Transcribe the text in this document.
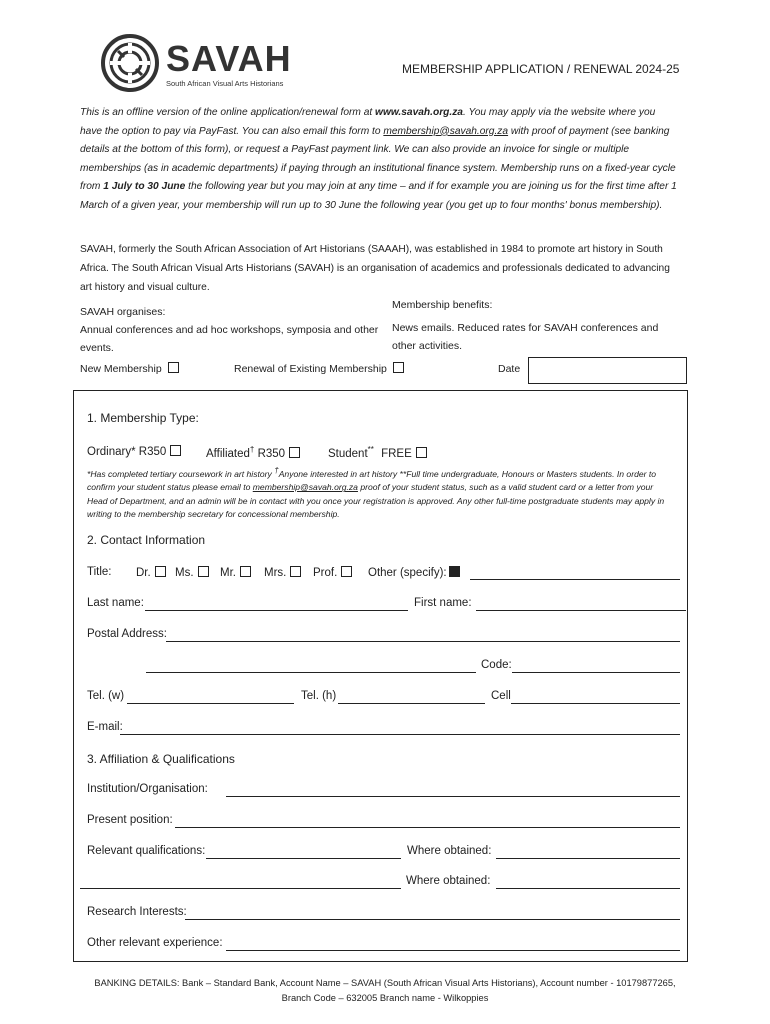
SAVAH
South African Visual Arts Historians
MEMBERSHIP APPLICATION / RENEWAL 2024-25
This is an offline version of the online application/renewal form at www.savah.org.za. You may apply via the website where you have the option to pay via PayFast. You can also email this form to membership@savah.org.za with proof of payment (see banking details at the bottom of this form), or request a PayFast payment link. We can also provide an invoice for single or multiple memberships (as in academic departments) if paying through an institutional finance system. Membership runs on a fixed-year cycle from 1 July to 30 June the following year but you may join at any time – and if for example you are joining us for the first time after 1 March of a given year, your membership will run up to 30 June the following year (you get up to four months' bonus membership).
SAVAH, formerly the South African Association of Art Historians (SAAAH), was established in 1984 to promote art history in South Africa. The South African Visual Arts Historians (SAVAH) is an organisation of academics and professionals dedicated to advancing art history and visual culture.
SAVAH organises:
Annual conferences and ad hoc workshops, symposia and other events.
Membership benefits:
News emails. Reduced rates for SAVAH conferences and other activities.
New Membership	Renewal of Existing Membership	Date
1. Membership Type:
Ordinary* R350	Affiliated† R350	Student** FREE
*Has completed tertiary coursework in art history †Anyone interested in art history **Full time undergraduate, Honours or Masters students. In order to confirm your student status please email to membership@savah.org.za proof of your student status, such as a valid student card or a letter from your Head of Department, and an admin will be in contact with you once your registration is approved. Any other full-time postgraduate students may apply in writing to the membership secretary for concessional membership.
2. Contact Information
Title: Dr.	Ms.	Mr.	Mrs.	Prof.	Other (specify):
Last name:	First name:
Postal Address:
Code:
Tel. (w)	Tel. (h)	Cell
E-mail:
3. Affiliation & Qualifications
Institution/Organisation:
Present position:
Relevant qualifications:	Where obtained:
Where obtained:
Research Interests:
Other relevant experience:
BANKING DETAILS: Bank – Standard Bank, Account Name – SAVAH (South African Visual Arts Historians), Account number - 10179877265,
Branch Code – 632005 Branch name - Wilkoppies
